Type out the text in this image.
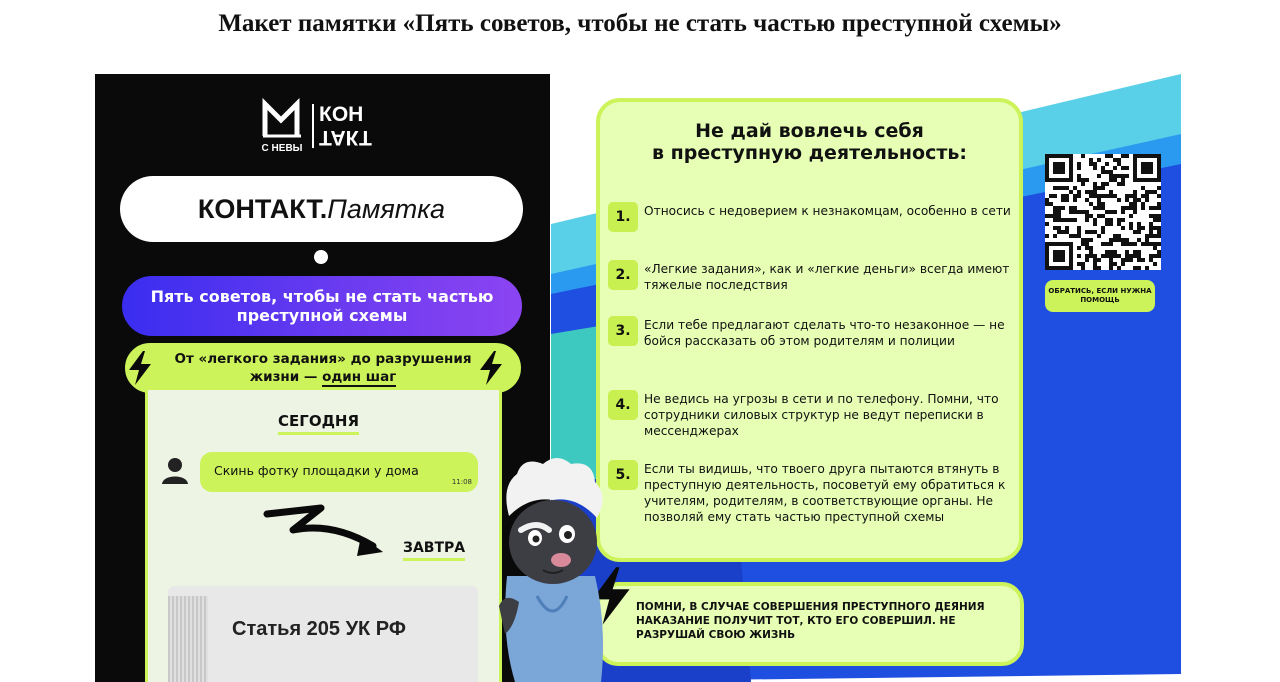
Макет памятки «Пять советов, чтобы не стать частью преступной схемы»
С НЕВЫ
КОН
ТАКТ
КОНТАКТ. Памятка
Пять советов, чтобы не стать частью преступной схемы
От «легкого задания» до разрушения жизни — один шаг
СЕГОДНЯ
Скинь фотку площадки у дома
11:08
ЗАВТРА
Статья 205 УК РФ
Не дай вовлечь себя
в преступную деятельность:
1.	Относись с недоверием к незнакомцам, особенно в сети
2.	«Легкие задания», как и «легкие деньги» всегда имеют тяжелые последствия
3.	Если тебе предлагают сделать что-то незаконное — не бойся рассказать об этом родителям и полиции
4.	Не ведись на угрозы в сети и по телефону. Помни, что сотрудники силовых структур не ведут переписки в мессенджерах
5.	Если ты видишь, что твоего друга пытаются втянуть в преступную деятельность, посоветуй ему обратиться к учителям, родителям, в соответствующие органы. Не позволяй ему стать частью преступной схемы
ОБРАТИСЬ, ЕСЛИ НУЖНА ПОМОЩЬ
ПОМНИ, В СЛУЧАЕ СОВЕРШЕНИЯ ПРЕСТУПНОГО ДЕЯНИЯ НАКАЗАНИЕ ПОЛУЧИТ ТОТ, КТО ЕГО СОВЕРШИЛ. НЕ РАЗРУШАЙ СВОЮ ЖИЗНЬ
